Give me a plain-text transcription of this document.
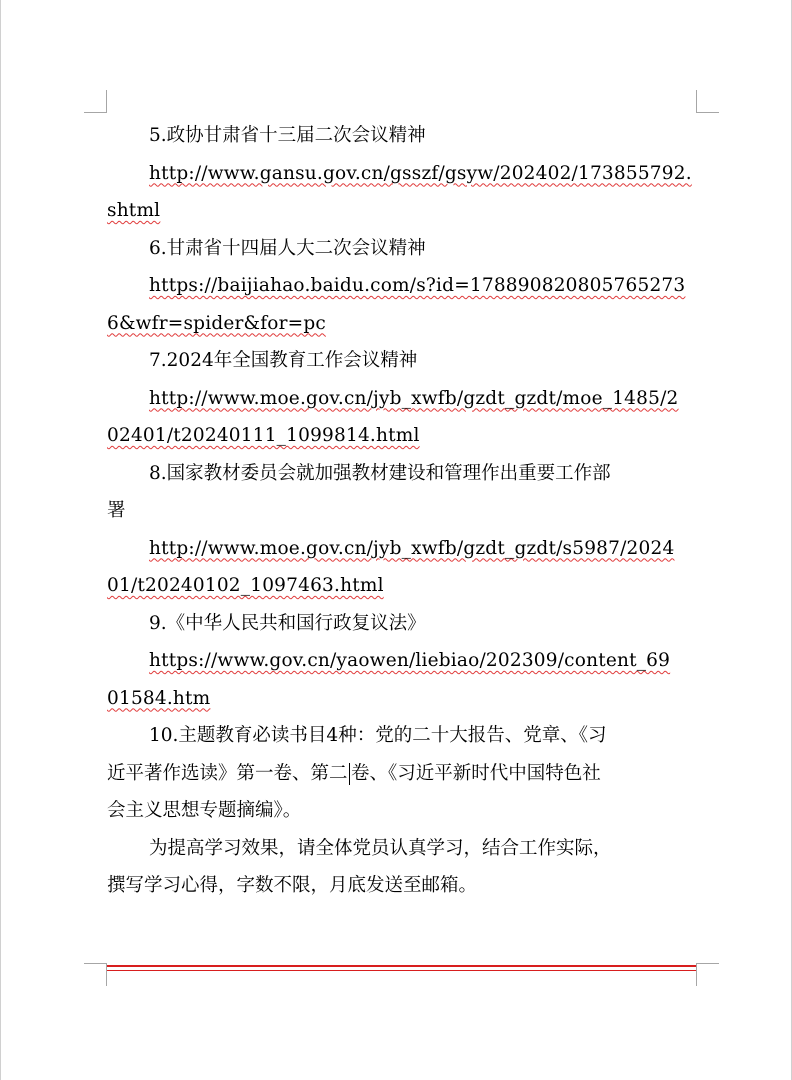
5.政协甘肃省十三届二次会议精神
http://www.gansu.gov.cn/gsszf/gsyw/202402/173855792.
shtml
6.甘肃省十四届人大二次会议精神
https://baijiahao.baidu.com/s?id=178890820805765273
6&wfr=spider&for=pc
7.2024年全国教育工作会议精神
http://www.moe.gov.cn/jyb_xwfb/gzdt_gzdt/moe_1485/2
02401/t20240111_1099814.html
8.国家教材委员会就加强教材建设和管理作出重要工作部
署
http://www.moe.gov.cn/jyb_xwfb/gzdt_gzdt/s5987/2024
01/t20240102_1097463.html
9.《中华人民共和国行政复议法》
https://www.gov.cn/yaowen/liebiao/202309/content_69
01584.htm
10.主题教育必读书目4种：党的二十大报告、党章、《习
近平著作选读》第一卷、第二 卷、《习近平新时代中国特色社
会主义思想专题摘编》。
为提高学习效果，请全体党员认真学习，结合工作实际，
撰写学习心得，字数不限，月底发送至邮箱。
